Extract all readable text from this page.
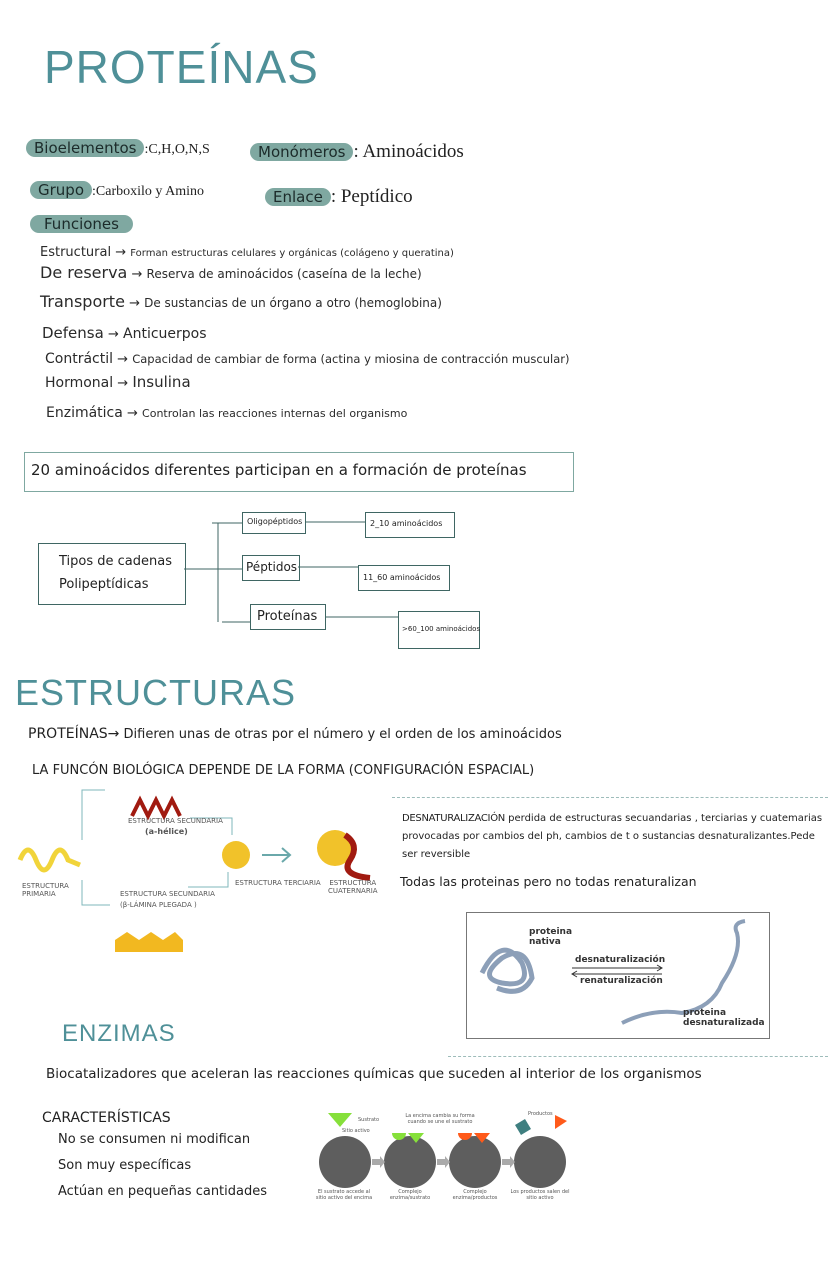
PROTEÍNAS
Bioelementos :C,H,O,N,S	Monómeros : Aminoácidos
Grupo :Carboxilo y Amino	Enlace : Peptídico
Funciones
Estructural → Forman estructuras celulares y orgánicas (colágeno y queratina)
De reserva → Reserva de aminoácidos (caseína de la leche)
Transporte → De sustancias de un órgano a otro (hemoglobina)
Defensa → Anticuerpos
Contráctil → Capacidad de cambiar de forma (actina y miosina de contracción muscular)
Hormonal → Insulina
Enzimática → Controlan las reacciones internas del organismo
20 aminoácidos diferentes participan en a formación de proteínas
Tipos de cadenas
Polipeptídicas
Oligopéptidos	2_10 aminoácidos
Péptidos
11_60 aminoácidos
Proteínas
>60_100 aminoácidos
ESTRUCTURAS
PROTEÍNAS→ Difieren unas de otras por el número y el orden de los aminoácidos
LA FUNCÓN BIOLÓGICA DEPENDE DE LA FORMA (CONFIGURACIÓN ESPACIAL)
ESTRUCTURA
PRIMARIA
ESTRUCTURA SECUNDARIA
(a-hélice)
ESTRUCTURA SECUNDARIA
(β-LÁMINA PLEGADA )
ESTRUCTURA TERCIARIA ESTRUCTURA
CUATERNARIA
DESNATURALIZACIÓN perdida de estructuras secuandarias , terciarias y cuatemarias provocadas por cambios del ph, cambios de t o sustancias desnaturalizantes.Pede ser reversible
Todas las proteinas pero no todas renaturalizan
proteina
nativa
desnaturalización
renaturalización
proteina
desnaturalizada
ENZIMAS
Biocatalizadores que aceleran las reacciones químicas que suceden al interior de los organismos
CARACTERÍSTICAS
No se consumen ni modifican
Son muy específicas
Actúan en pequeñas cantidades
Sustrato
Sitio activo
La encima cambia su forma cuando se une el sustrato
Productos
El sustrato accede al sitio activo del encima
Complejo enzima/sustrato
Complejo enzima/productos
Los productos salen del sitio activo
